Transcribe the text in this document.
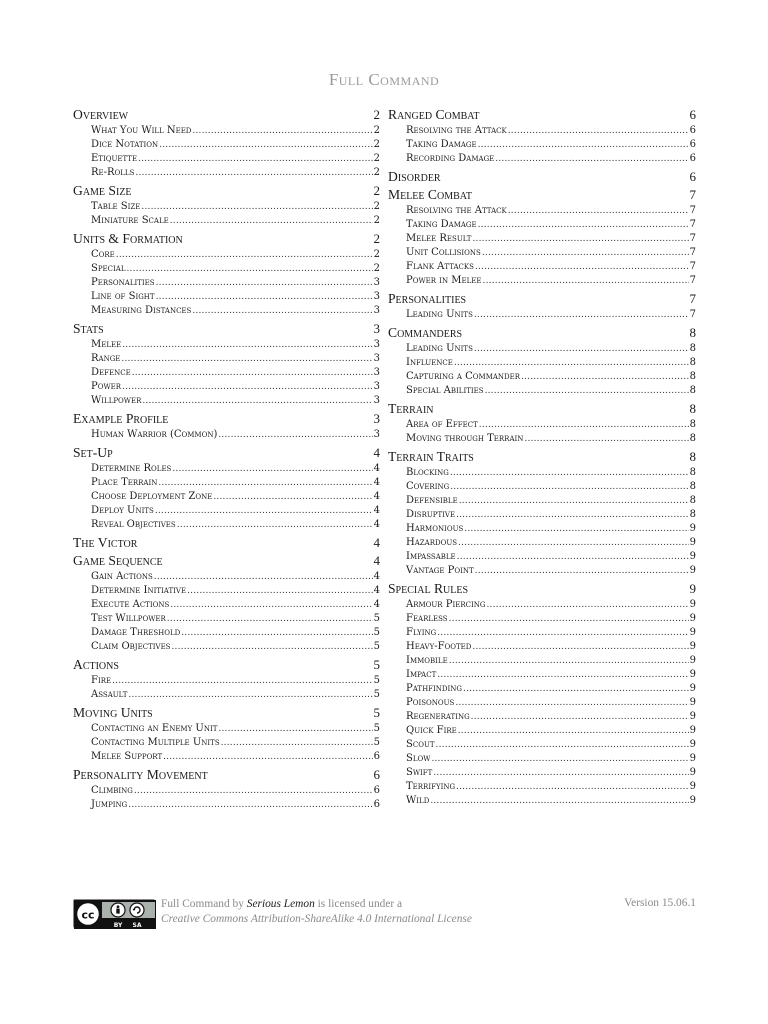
Full Command
Overview	2
What You Will Need .....	2
Dice Notation .....	2
Etiquette .....	2
Re-Rolls .....	2
Game Size	2
Table Size .....	2
Miniature Scale .....	2
Units & Formation	2
Core .....	2
Special .....	2
Personalities .....	3
Line of Sight .....	3
Measuring Distances .....	3
Stats	3
Melee .....	3
Range .....	3
Defence .....	3
Power .....	3
Willpower .....	3
Example Profile	3
Human Warrior (Common) .....	3
Set-Up	4
Determine Roles .....	4
Place Terrain .....	4
Choose Deployment Zone .....	4
Deploy Units .....	4
Reveal Objectives .....	4
The Victor	4
Game Sequence	4
Gain Actions .....	4
Determine Initiative .....	4
Execute Actions .....	4
Test Willpower .....	5
Damage Threshold .....	5
Claim Objectives .....	5
Actions	5
Fire .....	5
Assault .....	5
Moving Units	5
Contacting an Enemy Unit .....	5
Contacting Multiple Units .....	5
Melee Support .....	6
Personality Movement	6
Climbing .....	6
Jumping .....	6
Ranged Combat	6
Resolving the Attack .....	6
Taking Damage .....	6
Recording Damage .....	6
Disorder	6
Melee Combat	7
Resolving the Attack .....	7
Taking Damage .....	7
Melee Result .....	7
Unit Collisions .....	7
Flank Attacks .....	7
Power in Melee .....	7
Personalities	7
Leading Units .....	7
Commanders	8
Leading Units .....	8
Influence .....	8
Capturing a Commander .....	8
Special Abilities .....	8
Terrain	8
Area of Effect .....	8
Moving through Terrain .....	8
Terrain Traits	8
Blocking .....	8
Covering .....	8
Defensible .....	8
Disruptive .....	8
Harmonious .....	9
Hazardous .....	9
Impassable .....	9
Vantage Point .....	9
Special Rules	9
Armour Piercing .....	9
Fearless .....	9
Flying .....	9
Heavy-Footed .....	9
Immobile .....	9
Impact .....	9
Pathfinding .....	9
Poisonous .....	9
Regenerating .....	9
Quick Fire .....	9
Scout .....	9
Slow .....	9
Swift .....	9
Terrifying .....	9
Wild .....	9
cc
BY SA
Full Command by Serious Lemon is licensed under a
Creative Commons Attribution-ShareAlike 4.0 International License
Version 15.06.1
